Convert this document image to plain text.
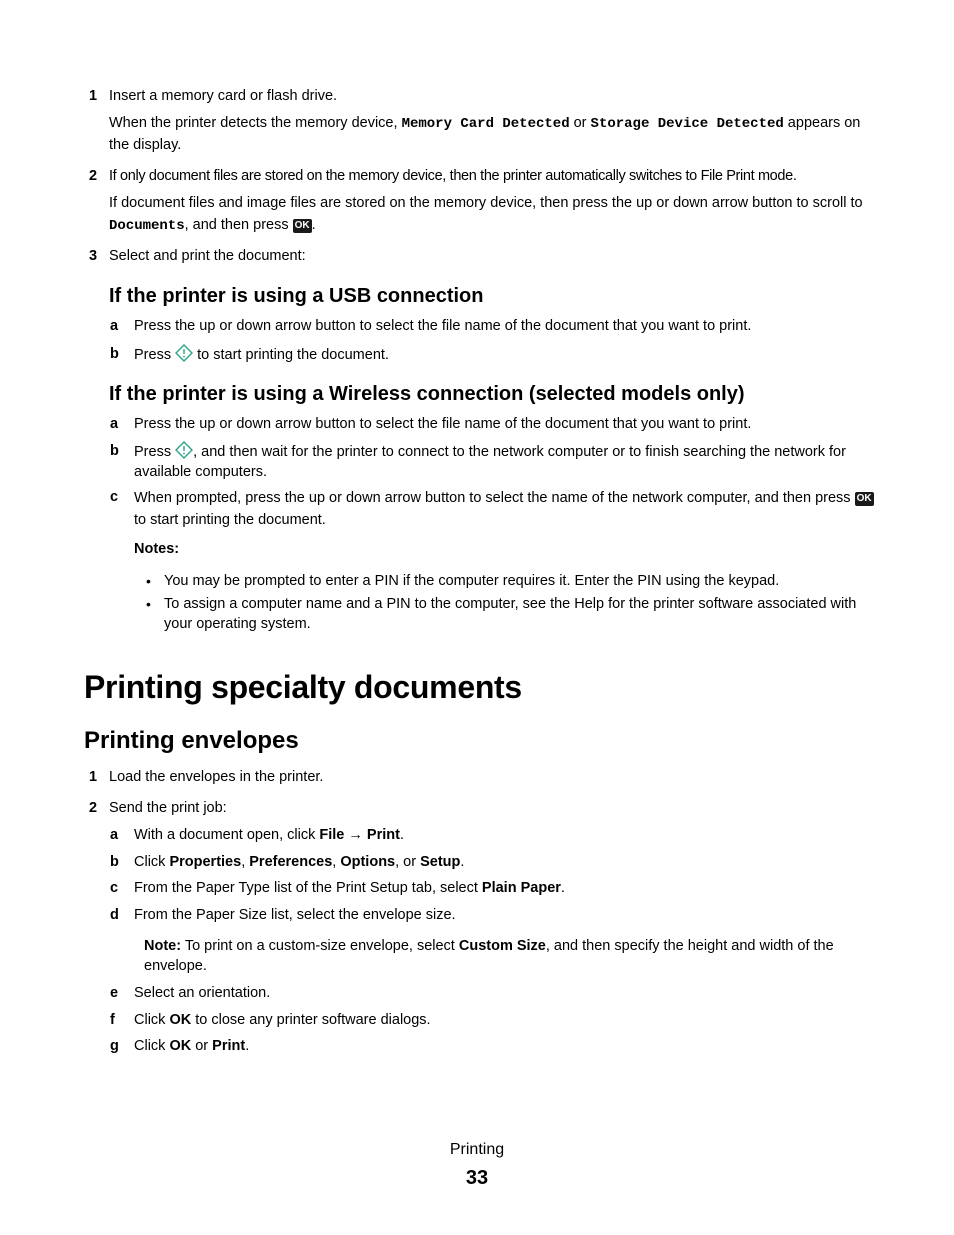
1 Insert a memory card or flash drive.
When the printer detects the memory device, Memory Card Detected or Storage Device Detected appears on the display.
2 If only document files are stored on the memory device, then the printer automatically switches to File Print mode.
If document files and image files are stored on the memory device, then press the up or down arrow button to scroll to Documents, and then press OK .
3 Select and print the document:
If the printer is using a USB connection
a	Press the up or down arrow button to select the file name of the document that you want to print.
b	Press  to start printing the document.
If the printer is using a Wireless connection (selected models only)
a	Press the up or down arrow button to select the file name of the document that you want to print.
b	Press , and then wait for the printer to connect to the network computer or to finish searching the network for available computers.
c	When prompted, press the up or down arrow button to select the name of the network computer, and then press OK to start printing the document.
Notes:
• You may be prompted to enter a PIN if the computer requires it. Enter the PIN using the keypad.
• To assign a computer name and a PIN to the computer, see the Help for the printer software associated with your operating system.
Printing specialty documents
Printing envelopes
1 Load the envelopes in the printer.
2 Send the print job:
a	With a document open, click File → Print.
b	Click Properties, Preferences, Options, or Setup.
c	From the Paper Type list of the Print Setup tab, select Plain Paper.
d	From the Paper Size list, select the envelope size.
Note: To print on a custom-size envelope, select Custom Size, and then specify the height and width of the envelope.
e	Select an orientation.
f	Click OK to close any printer software dialogs.
g	Click OK or Print.
Printing
33
